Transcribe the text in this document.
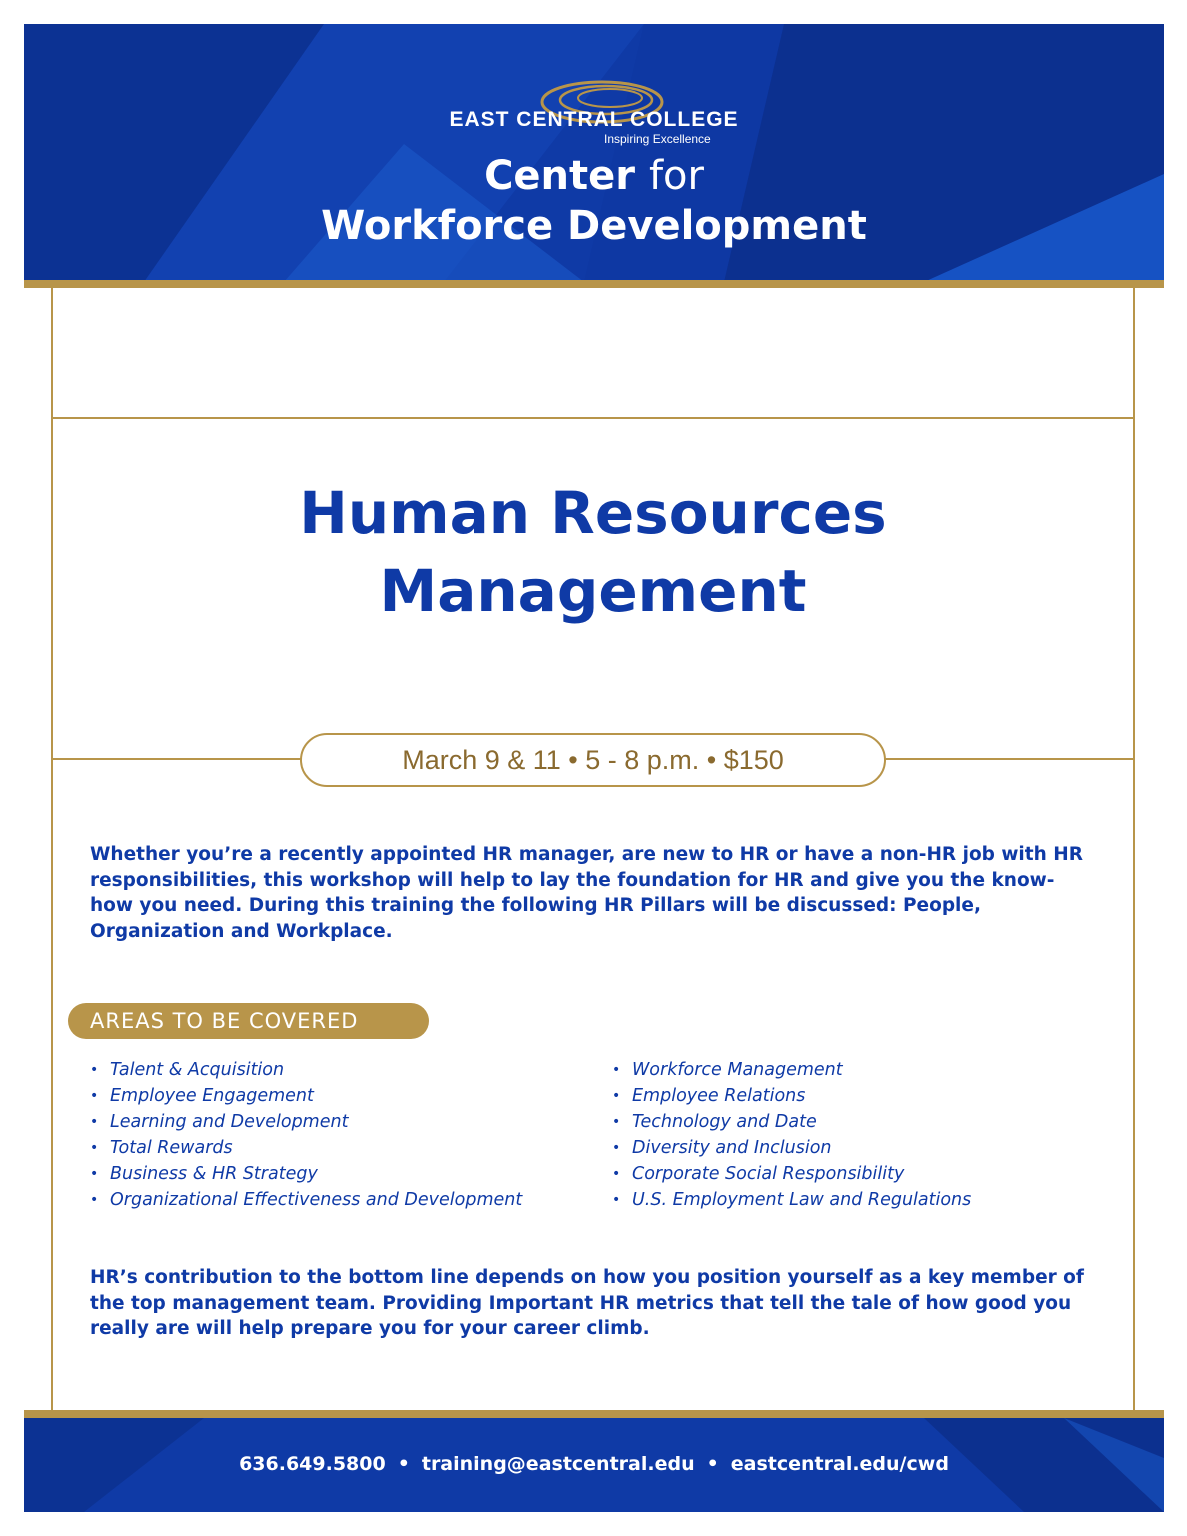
EAST CENTRAL COLLEGE
Inspiring Excellence
Center for
Workforce Development
Human Resources
Management
March 9 & 11 • 5 - 8 p.m. • $150

Whether you’re a recently appointed HR manager, are new to HR or have a non-HR job with HR responsibilities, this workshop will help to lay the foundation for HR and give you the know-how you need. During this training the following HR Pillars will be discussed: People, Organization and Workplace.

AREAS TO BE COVERED
• Talent & Acquisition
• Employee Engagement
• Learning and Development
• Total Rewards
• Business & HR Strategy
• Organizational Effectiveness and Development
• Workforce Management
• Employee Relations
• Technology and Date
• Diversity and Inclusion
• Corporate Social Responsibility
• U.S. Employment Law and Regulations

HR’s contribution to the bottom line depends on how you position yourself as a key member of the top management team. Providing Important HR metrics that tell the tale of how good you really are will help prepare you for your career climb.

636.649.5800 • training@eastcentral.edu • eastcentral.edu/cwd
